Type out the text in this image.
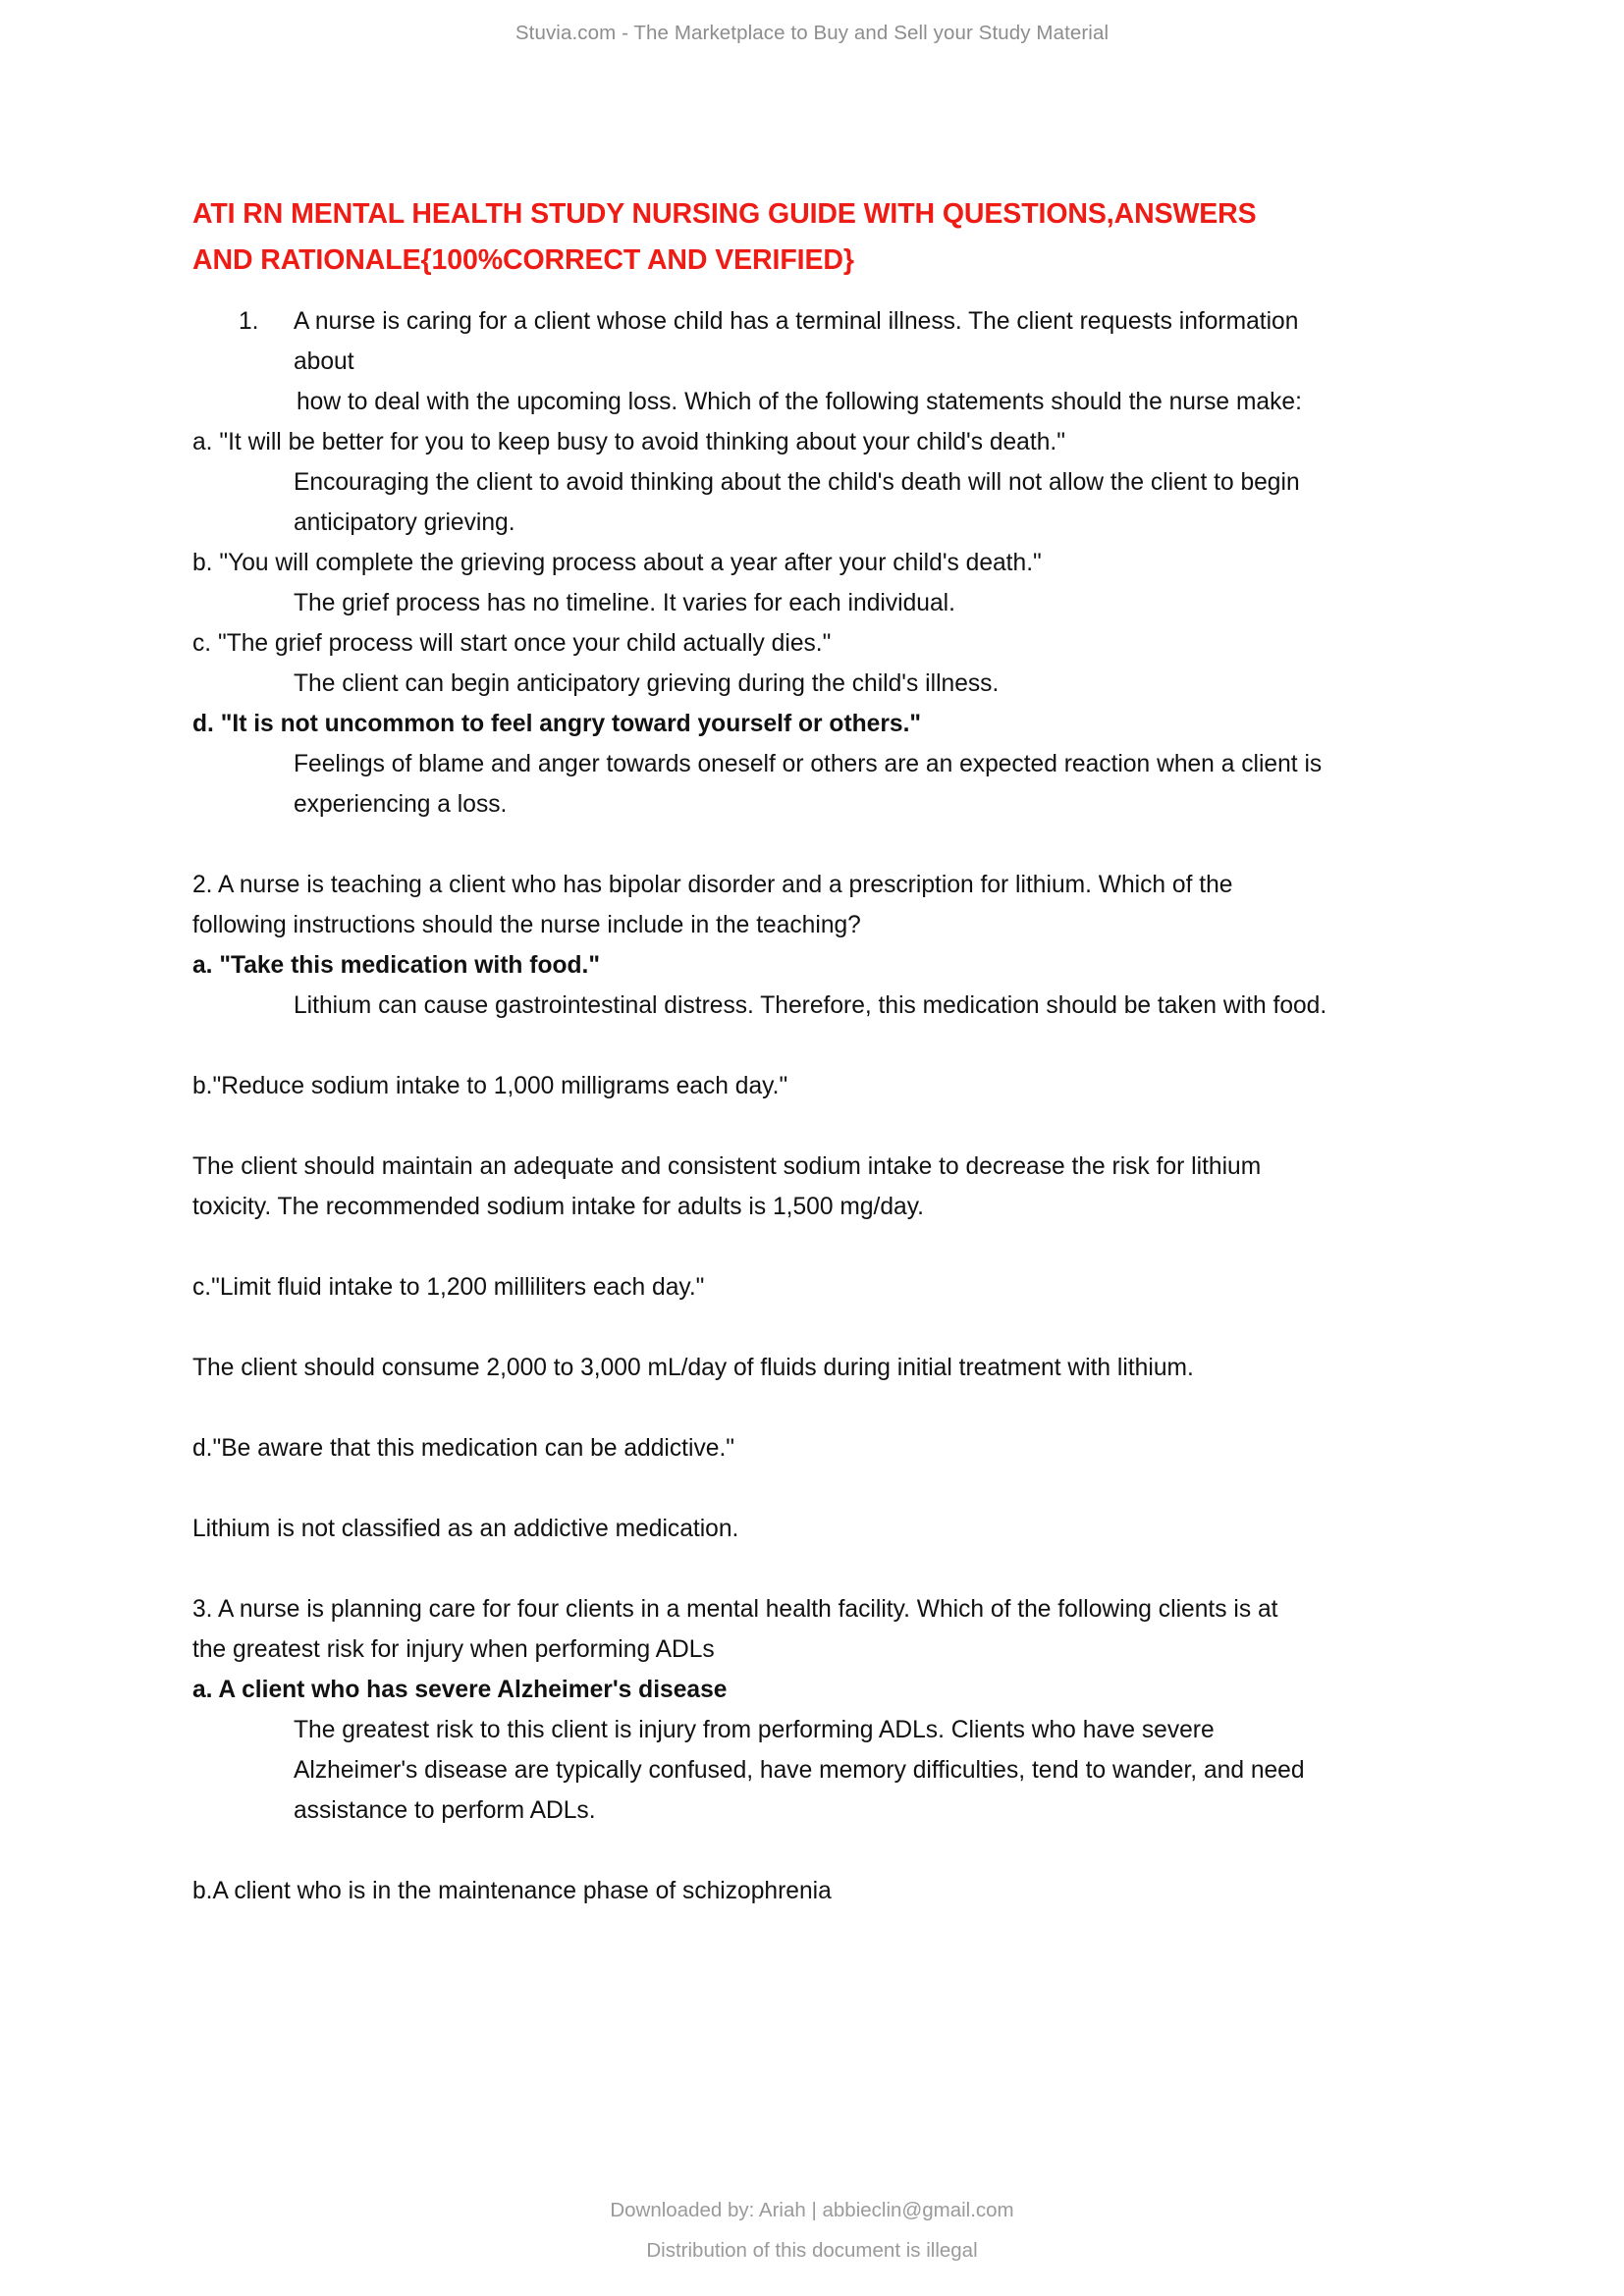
Stuvia.com - The Marketplace to Buy and Sell your Study Material
ATI RN MENTAL HEALTH STUDY NURSING GUIDE WITH QUESTIONS,ANSWERS
AND RATIONALE{100%CORRECT AND VERIFIED}
1. A nurse is caring for a client whose child has a terminal illness. The client requests information
about
how to deal with the upcoming loss. Which of the following statements should the nurse make:
a. "It will be better for you to keep busy to avoid thinking about your child's death."
Encouraging the client to avoid thinking about the child's death will not allow the client to begin
anticipatory grieving.
b. "You will complete the grieving process about a year after your child's death."
The grief process has no timeline. It varies for each individual.
c. "The grief process will start once your child actually dies."
The client can begin anticipatory grieving during the child's illness.
d. "It is not uncommon to feel angry toward yourself or others."
Feelings of blame and anger towards oneself or others are an expected reaction when a client is
experiencing a loss.
2. A nurse is teaching a client who has bipolar disorder and a prescription for lithium. Which of the
following instructions should the nurse include in the teaching?
a. "Take this medication with food."
Lithium can cause gastrointestinal distress. Therefore, this medication should be taken with food.
b."Reduce sodium intake to 1,000 milligrams each day."
The client should maintain an adequate and consistent sodium intake to decrease the risk for lithium
toxicity. The recommended sodium intake for adults is 1,500 mg/day.
c."Limit fluid intake to 1,200 milliliters each day."
The client should consume 2,000 to 3,000 mL/day of fluids during initial treatment with lithium.
d."Be aware that this medication can be addictive."
Lithium is not classified as an addictive medication.
3. A nurse is planning care for four clients in a mental health facility. Which of the following clients is at
the greatest risk for injury when performing ADLs
a. A client who has severe Alzheimer's disease
The greatest risk to this client is injury from performing ADLs. Clients who have severe
Alzheimer's disease are typically confused, have memory difficulties, tend to wander, and need
assistance to perform ADLs.
b.A client who is in the maintenance phase of schizophrenia
Downloaded by: Ariah | abbieclin@gmail.com
Distribution of this document is illegal
